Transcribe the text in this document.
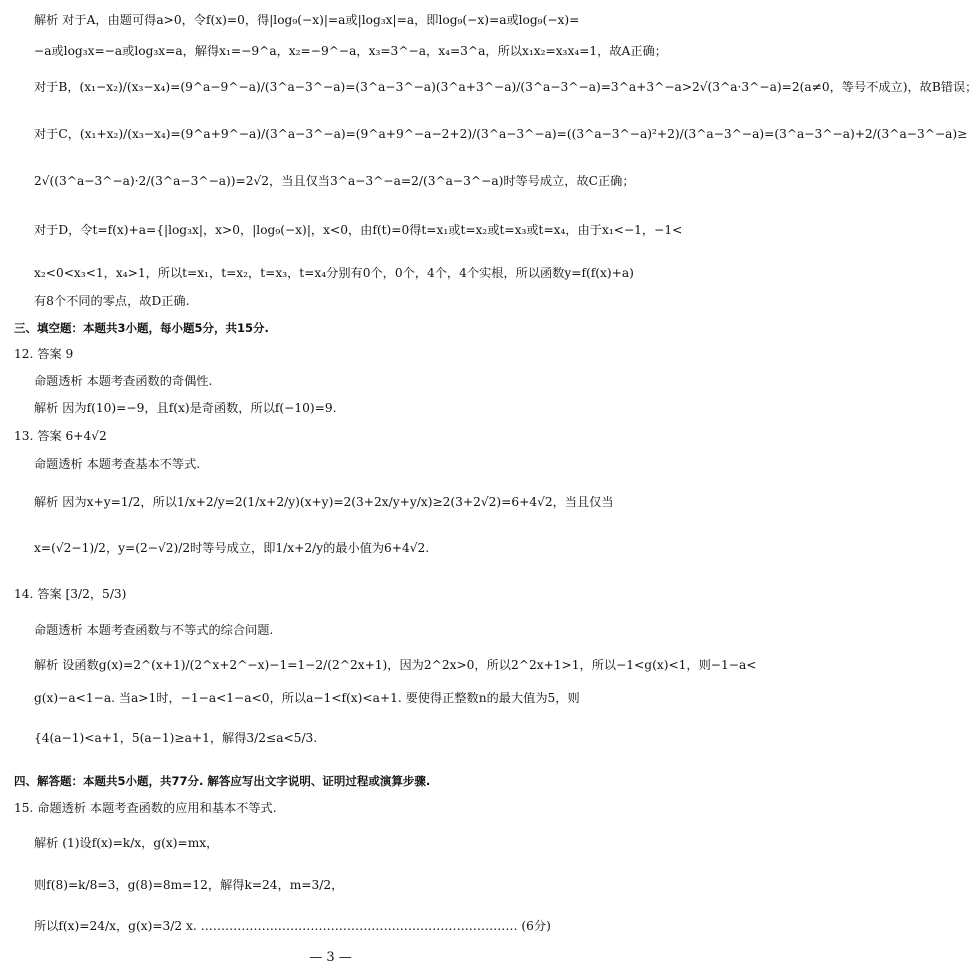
解析 对于A，由题可得a>0，令f(x)=0，得|log₉(−x)|=a或|log₃x|=a，即log₉(−x)=a或log₉(−x)=
−a或log₃x=−a或log₃x=a，解得x₁=−9^a，x₂=−9^−a，x₃=3^−a，x₄=3^a，所以x₁x₂=x₃x₄=1，故A正确；
对于B，(x₁−x₂)/(x₃−x₄)=(9^a−9^−a)/(3^a−3^−a)=(3^a−3^−a)(3^a+3^−a)/(3^a−3^−a)=3^a+3^−a>2√(3^a·3^−a)=2(a≠0，等号不成立)，故B错误；
对于C，(x₁+x₂)/(x₃−x₄)=(9^a+9^−a)/(3^a−3^−a)=(9^a+9^−a−2+2)/(3^a−3^−a)=((3^a−3^−a)²+2)/(3^a−3^−a)=(3^a−3^−a)+2/(3^a−3^−a)≥
2√((3^a−3^−a)·2/(3^a−3^−a))=2√2，当且仅当3^a−3^−a=2/(3^a−3^−a)时等号成立，故C正确；
对于D，令t=f(x)+a={|log₃x|，x>0，|log₉(−x)|，x<0，由f(t)=0得t=x₁或t=x₂或t=x₃或t=x₄，由于x₁<−1，−1<
x₂<0<x₃<1，x₄>1，所以t=x₁，t=x₂，t=x₃，t=x₄分别有0个，0个，4个，4个实根，所以函数y=f(f(x)+a)
有8个不同的零点，故D正确.
三、填空题：本题共3小题，每小题5分，共15分.
12. 答案 9
命题透析 本题考查函数的奇偶性.
解析 因为f(10)=−9，且f(x)是奇函数，所以f(−10)=9.
13. 答案 6+4√2
命题透析 本题考查基本不等式.
解析 因为x+y=1/2，所以1/x+2/y=2(1/x+2/y)(x+y)=2(3+2x/y+y/x)≥2(3+2√2)=6+4√2，当且仅当
x=(√2−1)/2，y=(2−√2)/2时等号成立，即1/x+2/y的最小值为6+4√2.
14. 答案 [3/2，5/3)
命题透析 本题考查函数与不等式的综合问题.
解析 设函数g(x)=2^(x+1)/(2^x+2^−x)−1=1−2/(2^2x+1)，因为2^2x>0，所以2^2x+1>1，所以−1<g(x)<1，则−1−a<
g(x)−a<1−a. 当a>1时，−1−a<1−a<0，所以a−1<f(x)<a+1. 要使得正整数n的最大值为5，则
{4(a−1)<a+1，5(a−1)≥a+1，解得3/2≤a<5/3.
四、解答题：本题共5小题，共77分. 解答应写出文字说明、证明过程或演算步骤.
15. 命题透析 本题考查函数的应用和基本不等式.
解析 (1)设f(x)=k/x，g(x)=mx，
则f(8)=k/8=3，g(8)=8m=12，解得k=24，m=3/2，
所以f(x)=24/x，g(x)=3/2 x. …………………………………………………………………… (6分)
— 3 —
